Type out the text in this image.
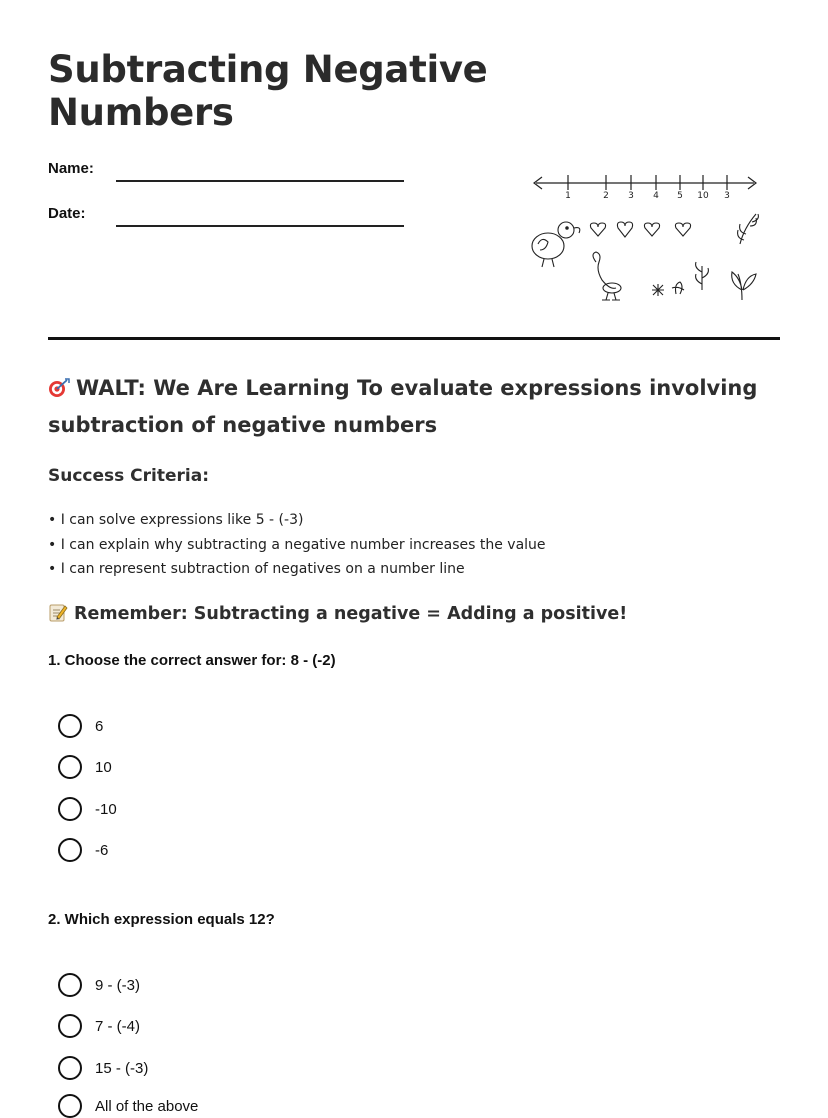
Subtracting Negative Numbers
Name:
Date:
1	2 3 4 5 10 3
WALT: We Are Learning To evaluate expressions involving subtraction of negative numbers
Success Criteria:
• I can solve expressions like 5 - (-3)
• I can explain why subtracting a negative number increases the value
• I can represent subtraction of negatives on a number line
Remember: Subtracting a negative = Adding a positive!
1. Choose the correct answer for: 8 - (-2)
6
10
-10
-6
2. Which expression equals 12?
9 - (-3)
7 - (-4)
15 - (-3)
All of the above
